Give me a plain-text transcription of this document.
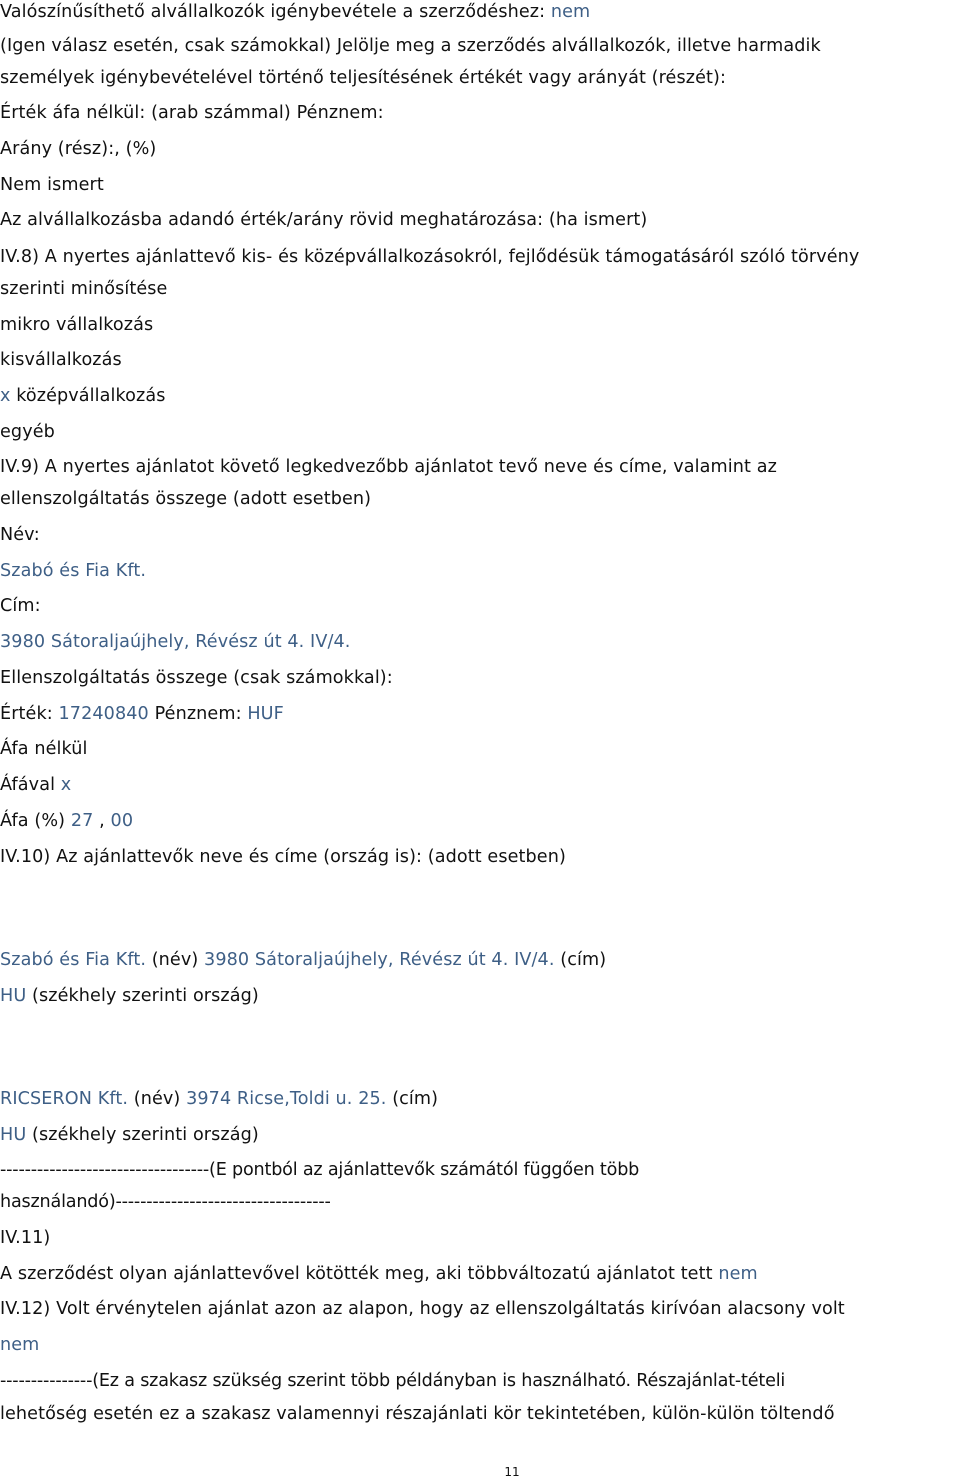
Valószínűsíthető alvállalkozók igénybevétele a szerződéshez: nem
(Igen válasz esetén, csak számokkal) Jelölje meg a szerződés alvállalkozók, illetve harmadik
személyek igénybevételével történő teljesítésének értékét vagy arányát (részét):
Érték áfa nélkül: (arab számmal) Pénznem:
Arány (rész):, (%)
Nem ismert
Az alvállalkozásba adandó érték/arány rövid meghatározása: (ha ismert)
IV.8) A nyertes ajánlattevő kis- és középvállalkozásokról, fejlődésük támogatásáról szóló törvény
szerinti minősítése
mikro vállalkozás
kisvállalkozás
x középvállalkozás
egyéb
IV.9) A nyertes ajánlatot követő legkedvezőbb ajánlatot tevő neve és címe, valamint az
ellenszolgáltatás összege (adott esetben)
Név:
Szabó és Fia Kft.
Cím:
3980 Sátoraljaújhely, Révész út 4. IV/4.
Ellenszolgáltatás összege (csak számokkal):
Érték: 17240840 Pénznem: HUF
Áfa nélkül
Áfával x
Áfa (%) 27 , 00
IV.10) Az ajánlattevők neve és címe (ország is): (adott esetben)
Szabó és Fia Kft. (név) 3980 Sátoraljaújhely, Révész út 4. IV/4. (cím)
HU (székhely szerinti ország)
RICSERON Kft. (név) 3974 Ricse,Toldi u. 25. (cím)
HU (székhely szerinti ország)
----------------------------------(E pontból az ajánlattevők számától függően több
használandó)-----------------------------------
IV.11)
A szerződést olyan ajánlattevővel kötötték meg, aki többváltozatú ajánlatot tett nem
IV.12) Volt érvénytelen ajánlat azon az alapon, hogy az ellenszolgáltatás kirívóan alacsony volt
nem
---------------(Ez a szakasz szükség szerint több példányban is használható. Részajánlat-tételi
lehetőség esetén ez a szakasz valamennyi részajánlati kör tekintetében, külön-külön töltendő
11
